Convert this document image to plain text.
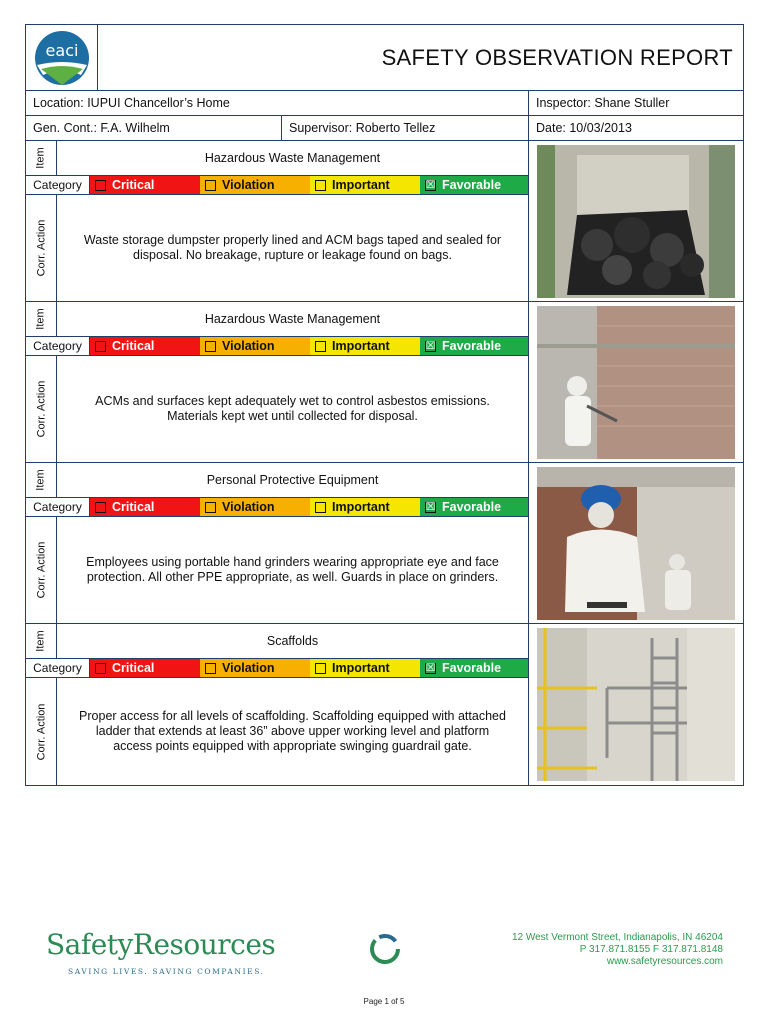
eaci	SAFETY OBSERVATION REPORT
Location: IUPUI Chancellor’s Home	Inspector: Shane Stuller
Gen. Cont.: F.A. Wilhelm	Supervisor: Roberto Tellez	Date: 10/03/2013
Item	Hazardous Waste Management
Category	Critical	Violation	Important	☒ Favorable
Corr. Action	Waste storage dumpster properly lined and ACM bags taped and sealed for disposal. No breakage, rupture or leakage found on bags.
Item	Hazardous Waste Management
Category	Critical	Violation	Important	☒ Favorable
Corr. Action	ACMs and surfaces kept adequately wet to control asbestos emissions. Materials kept wet until collected for disposal.
Item	Personal Protective Equipment
Category	Critical	Violation	Important	☒ Favorable
Corr. Action	Employees using portable hand grinders wearing appropriate eye and face protection. All other PPE appropriate, as well. Guards in place on grinders.
Item	Scaffolds
Category	Critical	Violation	Important	☒ Favorable
Corr. Action	Proper access for all levels of scaffolding. Scaffolding equipped with attached ladder that extends at least 36” above upper working level and platform access points equipped with appropriate swinging guardrail gate.
SafetyResources
SAVING LIVES. SAVING COMPANIES.
12 West Vermont Street, Indianapolis, IN 46204
P 317.871.8155 F 317.871.8148
www.safetyresources.com
Page 1 of 5
